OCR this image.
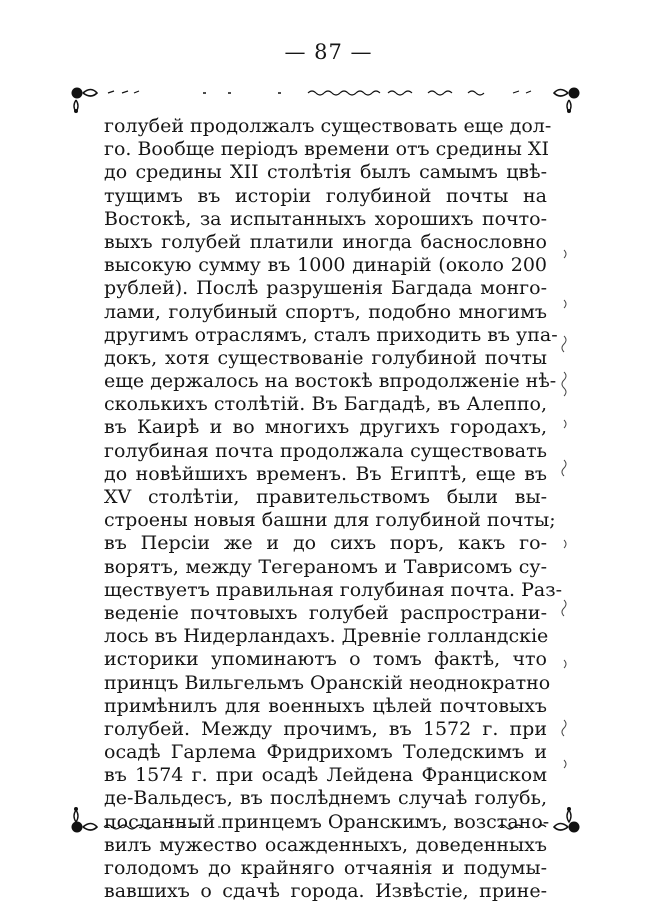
— 87 —
голубей продолжалъ существовать еще дол-
го. Вообще періодъ времени отъ средины XI
до средины XII столѣтія былъ самымъ цвѣ-
тущимъ въ исторіи голубиной почты на
Востокѣ, за испытанныхъ хорошихъ почто-
выхъ голубей платили иногда баснословно
высокую сумму въ 1000 динарій (около 200
рублей). Послѣ разрушенія Багдада монго-
лами, голубиный спортъ, подобно многимъ
другимъ отраслямъ, сталъ приходить въ упа-
докъ, хотя существованіе голубиной почты
еще держалось на востокѣ впродолженіе нѣ-
сколькихъ столѣтій. Въ Багдадѣ, въ Алеппо,
въ Каирѣ и во многихъ другихъ городахъ,
голубиная почта продолжала существовать
до новѣйшихъ временъ. Въ Египтѣ, еще въ
XV столѣтіи, правительствомъ были вы-
строены новыя башни для голубиной почты;
въ Персіи же и до сихъ поръ, какъ го-
ворятъ, между Тегераномъ и Таврисомъ су-
ществуетъ правильная голубиная почта. Раз-
веденіе почтовыхъ голубей распространи-
лось въ Нидерландахъ. Древніе голландскіе
историки упоминаютъ о томъ фактѣ, что
принцъ Вильгельмъ Оранскій неоднократно
примѣнилъ для военныхъ цѣлей почтовыхъ
голубей. Между прочимъ, въ 1572 г. при
осадѣ Гарлема Фридрихомъ Толедскимъ и
въ 1574 г. при осадѣ Лейдена Франциском
де-Вальдесъ, въ послѣднемъ случаѣ голубь,
посланный принцемъ Оранскимъ, возстано-
вилъ мужество осажденныхъ, доведенныхъ
голодомъ до крайняго отчаянія и подумы-
вавшихъ о сдачѣ города. Извѣстіе, прине-
